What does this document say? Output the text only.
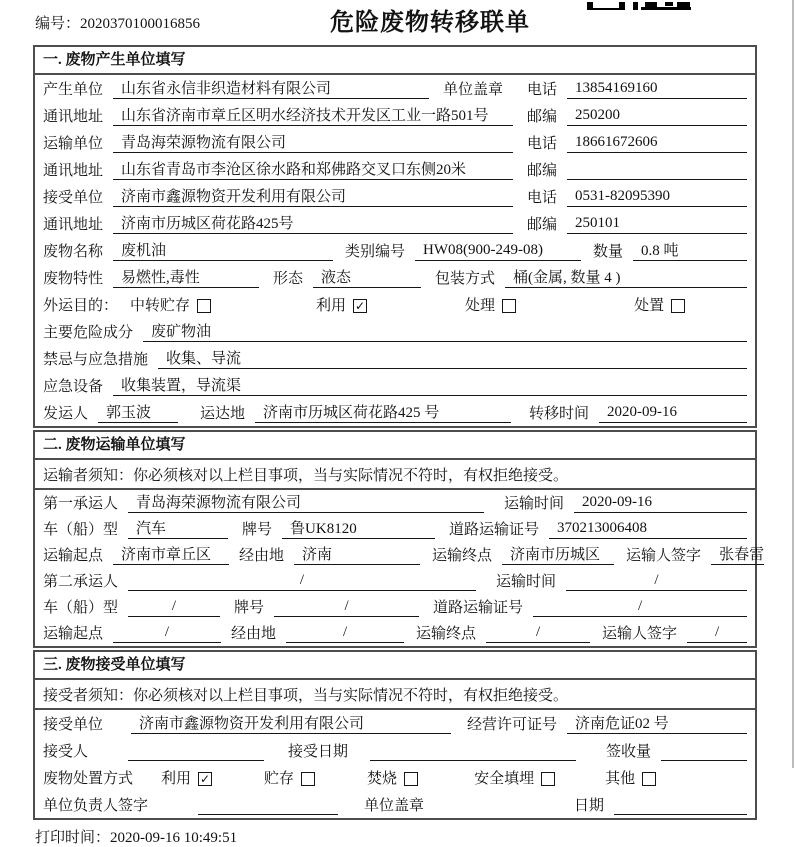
编号：2020370100016856	危险废物转移联单
一. 废物产生单位填写
产生单位	山东省永信非织造材料有限公司	单位盖章 电话	13854169160
通讯地址	山东省济南市章丘区明水经济技术开发区工业一路501号	邮编	250200
运输单位	青岛海荣源物流有限公司	电话	18661672606
通讯地址	山东省青岛市李沧区徐水路和郑佛路交叉口东侧20米	邮编
接受单位	济南市鑫源物资开发利用有限公司	电话	0531-82095390
通讯地址	济南市历城区荷花路425号	邮编	250101
废物名称	废机油	类别编号	HW08(900-249-08)	数量	0.8 吨
废物特性	易燃性,毒性	形态	液态	包装方式	桶(金属, 数量 4 )
外运目的： 中转贮存	利用 ✓	处理	处置
主要危险成分	废矿物油
禁忌与应急措施	收集、导流
应急设备	收集装置，导流渠
发运人	郭玉波	运达地	济南市历城区荷花路425 号	转移时间	2020-09-16
二. 废物运输单位填写
运输者须知：你必须核对以上栏目事项，当与实际情况不符时，有权拒绝接受。
第一承运人	青岛海荣源物流有限公司	运输时间	2020-09-16
车（船）型	汽车	牌号	鲁UK8120	道路运输证号	370213006408
运输起点	济南市章丘区	经由地	济南	运输终点	济南市历城区	运输人签字	张春雷
第二承运人	/	运输时间	/
车（船）型	/	牌号	/	道路运输证号	/
运输起点	/	经由地	/	运输终点	/	运输人签字	/
三. 废物接受单位填写
接受者须知：你必须核对以上栏目事项，当与实际情况不符时，有权拒绝接受。
接受单位	济南市鑫源物资开发利用有限公司	经营许可证号	济南危证02 号
接受人	接受日期	签收量
废物处置方式 利用 ✓	贮存	焚烧	安全填埋	其他
单位负责人签字	单位盖章	日期
打印时间：2020-09-16 10:49:51
